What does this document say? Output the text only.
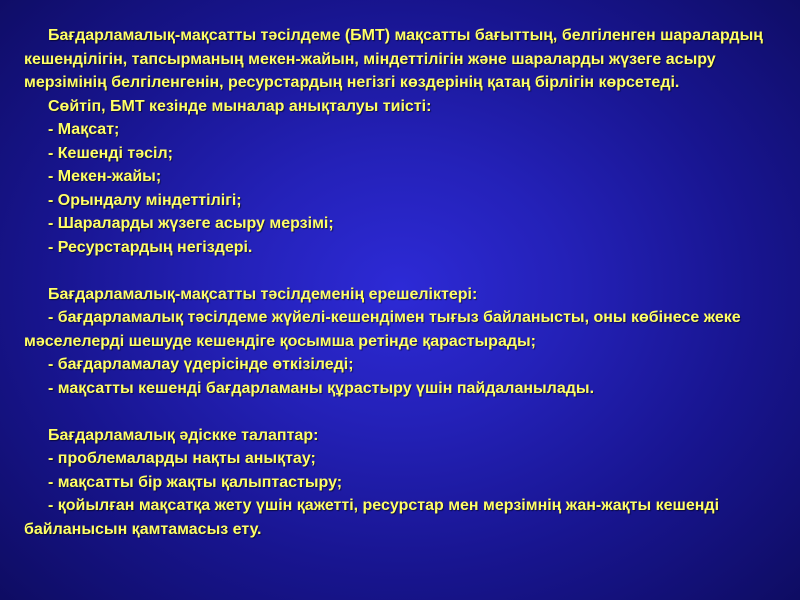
Бағдарламалық-мақсатты тәсілдеме (БМТ) мақсатты бағыттың, белгіленген шаралардың кешенділігін, тапсырманың мекен-жайын, міндеттілігін және шараларды жүзеге асыру мерзімінің белгіленгенін, ресурстардың негізгі көздерінің қатаң бірлігін көрсетеді.

Сөйтіп, БМТ кезінде мыналар анықталуы тиісті:

- Мақсат;

- Кешенді тәсіл;

- Мекен-жайы;

- Орындалу міндеттілігі;

- Шараларды жүзеге асыру мерзімі;

- Ресурстардың негіздері.

Бағдарламалық-мақсатты тәсілдеменің ерешеліктері:

- бағдарламалық тәсілдеме жүйелі-кешендімен тығыз байланысты, оны көбінесе жеке мәселелерді шешуде кешендіге қосымша ретінде қарастырады;

- бағдарламалау үдерісінде өткізіледі;

- мақсатты кешенді бағдарламаны құрастыру үшін пайдаланылады.

Бағдарламалық әдіскке талаптар:

- проблемаларды нақты анықтау;

- мақсатты бір жақты қалыптастыру;

- қойылған мақсатқа жету үшін қажетті, ресурстар мен мерзімнің жан-жақты кешенді байланысын қамтамасыз ету.
